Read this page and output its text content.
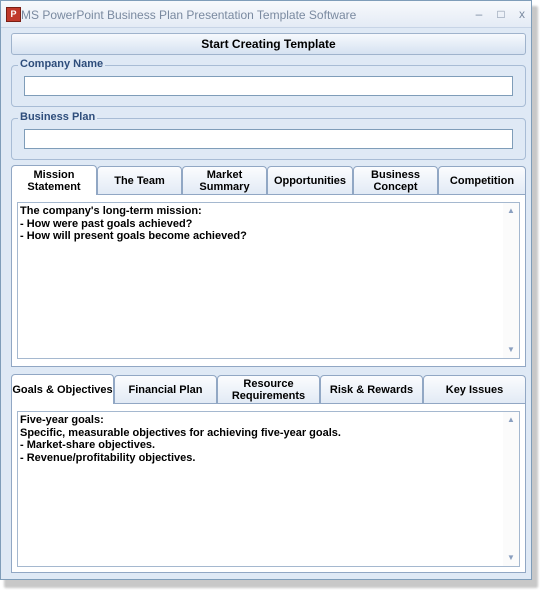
P MS PowerPoint Business Plan Presentation Template Software	–	□	x
Start Creating Template
Company Name
Business Plan
Mission
Statement	The Team	Market Summary	Opportunities Business
Concept	Competition
The company's long-term mission:
- How were past goals achieved?
- How will present goals become achieved?
▲
▼
Goals & Objectives Financial Plan	Resource
Requirements Risk & Rewards	Key Issues
Five-year goals:
Specific, measurable objectives for achieving five-year goals.
- Market-share objectives.
- Revenue/profitability objectives.
▲
▼
